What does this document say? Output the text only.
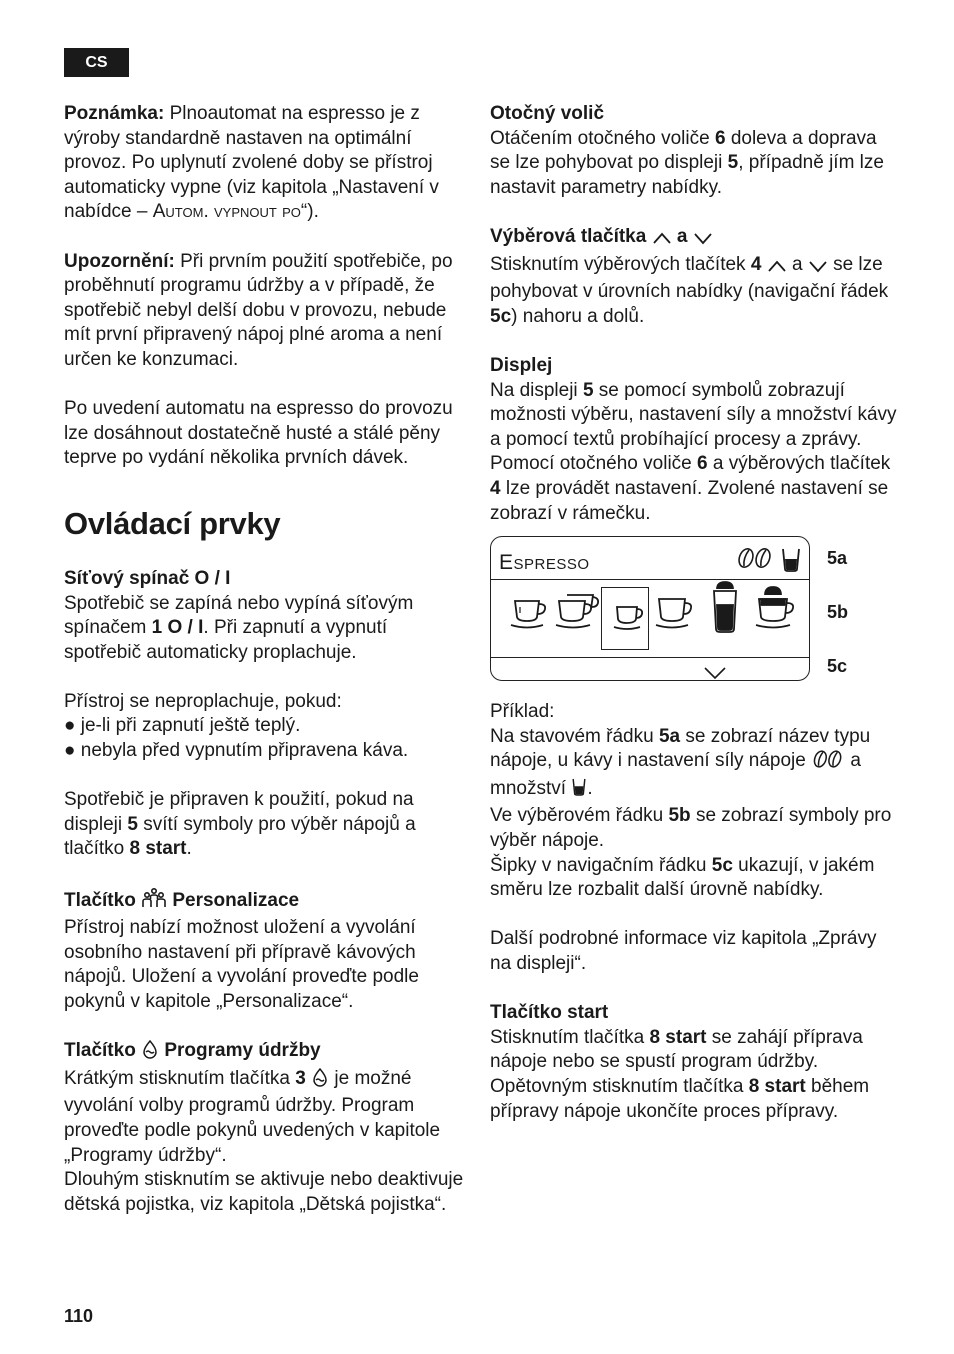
CS

Poznámka: Plnoautomat na espresso je z výroby standardně nastaven na optimální provoz. Po uplynutí zvolené doby se přístroj automaticky vypne (viz kapitola „Nastavení v nabídce – Autom. vypnout po“).

Upozornění: Při prvním použití spotřebiče, po proběhnutí programu údržby a v případě, že spotřebič nebyl delší dobu v provozu, nebude mít první připravený nápoj plné aroma a není určen ke konzumaci.

Po uvedení automatu na espresso do provozu lze dosáhnout dostatečně husté a stálé pěny teprve po vydání několika prvních dávek.

Ovládací prvky

Síťový spínač O / I

Spotřebič se zapíná nebo vypíná síťovým spínačem 1 O / I. Při zapnutí a vypnutí spotřebič automaticky proplachuje.

Přístroj se neproplachuje, pokud:

● je-li při zapnutí ještě teplý.

● nebyla před vypnutím připravena káva.

Spotřebič je připraven k použití, pokud na displeji 5 svítí symboly pro výběr nápojů a tlačítko 8 start.

Tlačítko  Personalizace

Přístroj nabízí možnost uložení a vyvolání osobního nastavení při přípravě kávových nápojů. Uložení a vyvolání proveďte podle pokynů v kapitole „Personalizace“.

Tlačítko  Programy údržby

Krátkým stisknutím tlačítka 3  je možné vyvolání volby programů údržby. Program proveďte podle pokynů uvedených v kapitole „Programy údržby“.

Dlouhým stisknutím se aktivuje nebo deaktivuje dětská pojistka, viz kapitola „Dětská pojistka“.

Otočný volič

Otáčením otočného voliče 6 doleva a doprava se lze pohybovat po displeji 5, případně jím lze nastavit parametry nabídky.

Výběrová tlačítka  a

Stisknutím výběrových tlačítek 4  a  se lze pohybovat v úrovních nabídky (navigační řádek 5c) nahoru a dolů.

Displej

Na displeji 5 se pomocí symbolů zobrazují možnosti výběru, nastavení síly a množství kávy a pomocí textů probíhající procesy a zprávy. Pomocí otočného voliče 6 a výběrových tlačítek 4 lze provádět nastavení. Zvolené nastavení se zobrazí v rámečku.

Espresso	5a
5b
5c

Příklad:

Na stavovém řádku 5a se zobrazí název typu nápoje, u kávy i nastavení síly nápoje  a množství .

Ve výběrovém řádku 5b se zobrazí symboly pro výběr nápoje.

Šipky v navigačním řádku 5c ukazují, v jakém směru lze rozbalit další úrovně nabídky.

Další podrobné informace viz kapitola „Zprávy na displeji“.

Tlačítko start

Stisknutím tlačítka 8 start se zahájí příprava nápoje nebo se spustí program údržby. Opětovným stisknutím tlačítka 8 start během přípravy nápoje ukončíte proces přípravy.

110
